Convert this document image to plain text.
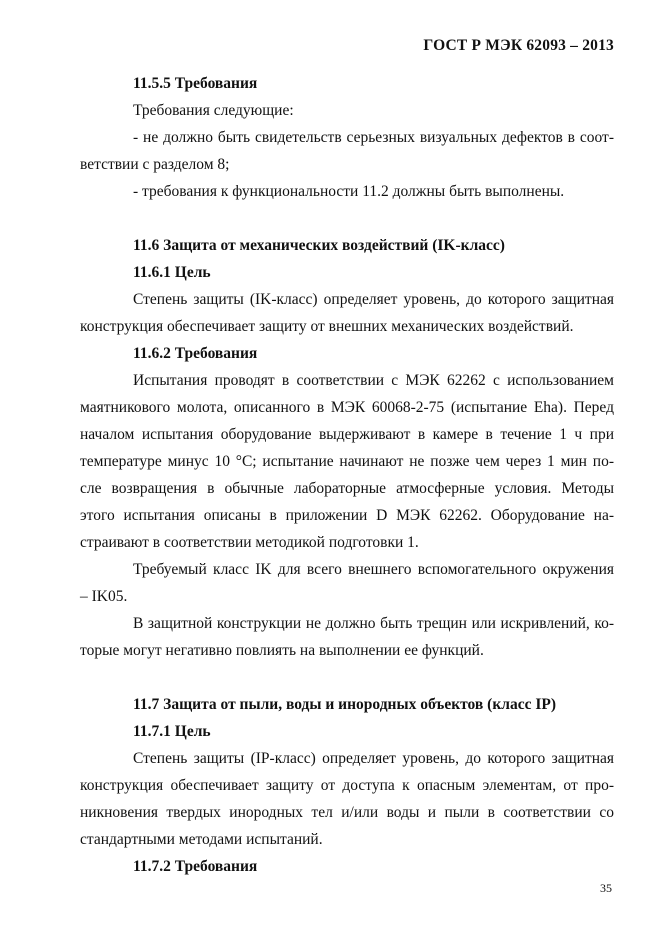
ГОСТ Р МЭК 62093 – 2013

11.5.5 Требования

Требования следующие:

- не должно быть свидетельств серьезных визуальных дефектов в соот-
ветствии с разделом 8;

- требования к функциональности 11.2 должны быть выполнены.

11.6 Защита от механических воздействий (IK-класс)

11.6.1 Цель

Степень защиты (IK-класс) определяет уровень, до которого защитная
конструкция обеспечивает защиту от внешних механических воздействий.

11.6.2 Требования

Испытания проводят в соответствии с МЭК 62262 с использованием
маятникового молота, описанного в МЭК 60068-2-75 (испытание Eha). Перед
началом испытания оборудование выдерживают в камере в течение 1 ч при
температуре минус 10 °С; испытание начинают не позже чем через 1 мин по-
сле возвращения в обычные лабораторные атмосферные условия. Методы
этого испытания описаны в приложении D МЭК 62262. Оборудование на-
страивают в соответствии методикой подготовки 1.
Требуемый класс IK для всего внешнего вспомогательного окружения
– IK05.
В защитной конструкции не должно быть трещин или искривлений, ко-
торые могут негативно повлиять на выполнении ее функций.

11.7 Защита от пыли, воды и инородных объектов (класс IP)

11.7.1 Цель

Степень защиты (IP-класс) определяет уровень, до которого защитная
конструкция обеспечивает защиту от доступа к опасным элементам, от про-
никновения твердых инородных тел и/или воды и пыли в соответствии со
стандартными методами испытаний.

11.7.2 Требования

35
